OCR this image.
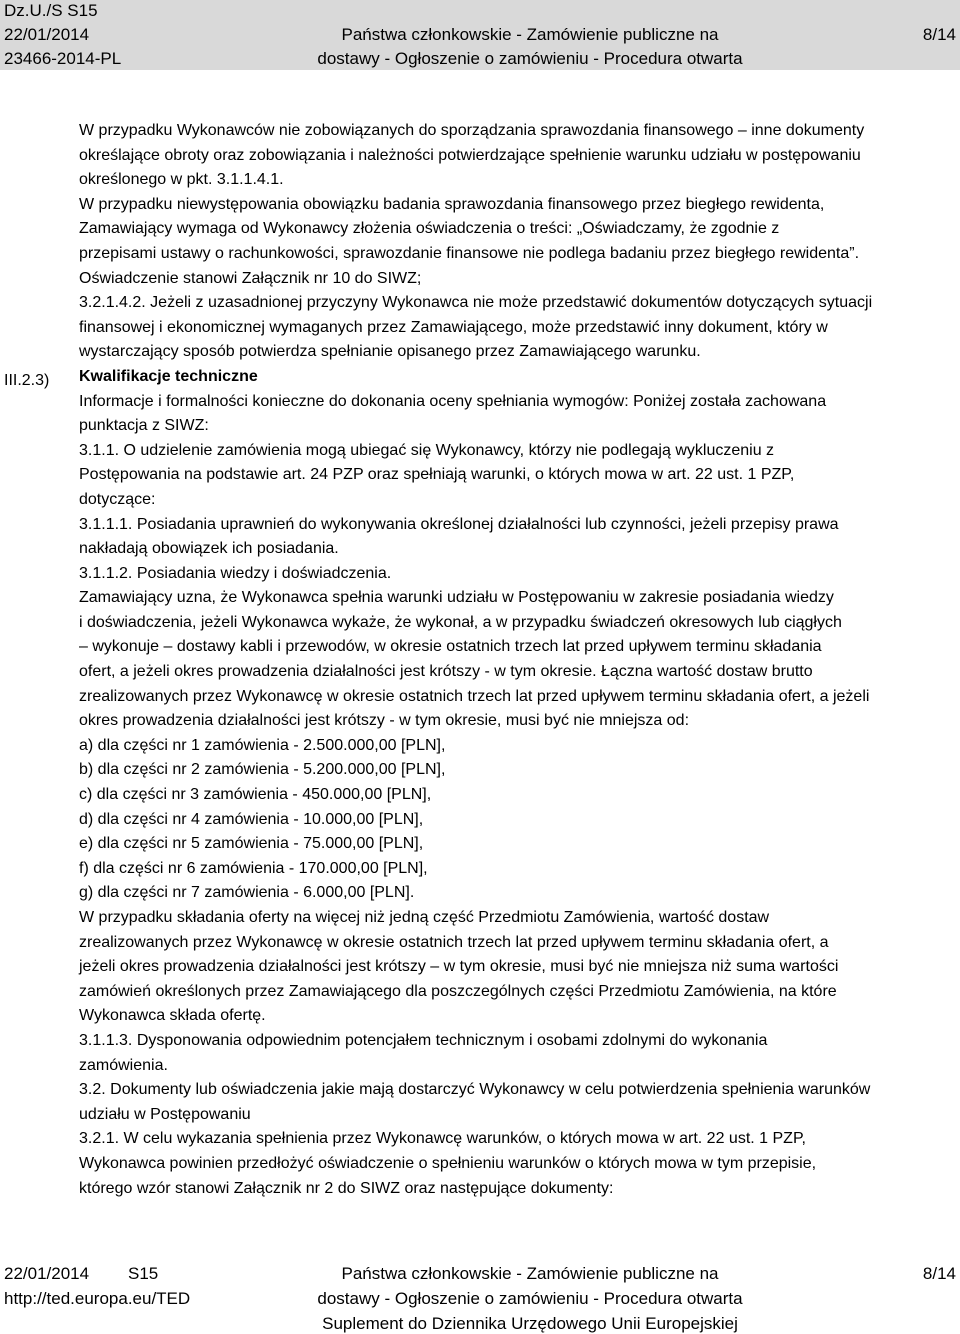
Dz.U./S S15
22/01/2014
23466-2014-PL
Państwa członkowskie - Zamówienie publiczne na
dostawy - Ogłoszenie o zamówieniu - Procedura otwarta
8/14
III.2.3)

W przypadku Wykonawców nie zobowiązanych do sporządzania sprawozdania finansowego – inne dokumenty

określające obroty oraz zobowiązania i należności potwierdzające spełnienie warunku udziału w postępowaniu

określonego w pkt. 3.1.1.4.1.

W przypadku niewystępowania obowiązku badania sprawozdania finansowego przez biegłego rewidenta,

Zamawiający wymaga od Wykonawcy złożenia oświadczenia o treści: „Oświadczamy, że zgodnie z

przepisami ustawy o rachunkowości, sprawozdanie finansowe nie podlega badaniu przez biegłego rewidenta”.

Oświadczenie stanowi Załącznik nr 10 do SIWZ;

3.2.1.4.2. Jeżeli z uzasadnionej przyczyny Wykonawca nie może przedstawić dokumentów dotyczących sytuacji

finansowej i ekonomicznej wymaganych przez Zamawiającego, może przedstawić inny dokument, który w

wystarczający sposób potwierdza spełnianie opisanego przez Zamawiającego warunku.

Kwalifikacje techniczne

Informacje i formalności konieczne do dokonania oceny spełniania wymogów: Poniżej została zachowana

punktacja z SIWZ:

3.1.1. O udzielenie zamówienia mogą ubiegać się Wykonawcy, którzy nie podlegają wykluczeniu z

Postępowania na podstawie art. 24 PZP oraz spełniają warunki, o których mowa w art. 22 ust. 1 PZP,

dotyczące:

3.1.1.1. Posiadania uprawnień do wykonywania określonej działalności lub czynności, jeżeli przepisy prawa

nakładają obowiązek ich posiadania.

3.1.1.2. Posiadania wiedzy i doświadczenia.

Zamawiający uzna, że Wykonawca spełnia warunki udziału w Postępowaniu w zakresie posiadania wiedzy

i doświadczenia, jeżeli Wykonawca wykaże, że wykonał, a w przypadku świadczeń okresowych lub ciągłych

– wykonuje – dostawy kabli i przewodów, w okresie ostatnich trzech lat przed upływem terminu składania

ofert, a jeżeli okres prowadzenia działalności jest krótszy - w tym okresie. Łączna wartość dostaw brutto

zrealizowanych przez Wykonawcę w okresie ostatnich trzech lat przed upływem terminu składania ofert, a jeżeli

okres prowadzenia działalności jest krótszy - w tym okresie, musi być nie mniejsza od:

a) dla części nr 1 zamówienia - 2.500.000,00 [PLN],

b) dla części nr 2 zamówienia - 5.200.000,00 [PLN],

c) dla części nr 3 zamówienia - 450.000,00 [PLN],

d) dla części nr 4 zamówienia - 10.000,00 [PLN],

e) dla części nr 5 zamówienia - 75.000,00 [PLN],

f) dla części nr 6 zamówienia - 170.000,00 [PLN],

g) dla części nr 7 zamówienia - 6.000,00 [PLN].

W przypadku składania oferty na więcej niż jedną część Przedmiotu Zamówienia, wartość dostaw

zrealizowanych przez Wykonawcę w okresie ostatnich trzech lat przed upływem terminu składania ofert, a

jeżeli okres prowadzenia działalności jest krótszy – w tym okresie, musi być nie mniejsza niż suma wartości

zamówień określonych przez Zamawiającego dla poszczególnych części Przedmiotu Zamówienia, na które

Wykonawca składa ofertę.

3.1.1.3. Dysponowania odpowiednim potencjałem technicznym i osobami zdolnymi do wykonania

zamówienia.

3.2. Dokumenty lub oświadczenia jakie mają dostarczyć Wykonawcy w celu potwierdzenia spełnienia warunków

udziału w Postępowaniu

3.2.1. W celu wykazania spełnienia przez Wykonawcę warunków, o których mowa w art. 22 ust. 1 PZP,

Wykonawca powinien przedłożyć oświadczenie o spełnieniu warunków o których mowa w tym przepisie,

którego wzór stanowi Załącznik nr 2 do SIWZ oraz następujące dokumenty:

22/01/2014 S15
http://ted.europa.eu/TED
Państwa członkowskie - Zamówienie publiczne na
dostawy - Ogłoszenie o zamówieniu - Procedura otwarta
Suplement do Dziennika Urzędowego Unii Europejskiej
8/14
